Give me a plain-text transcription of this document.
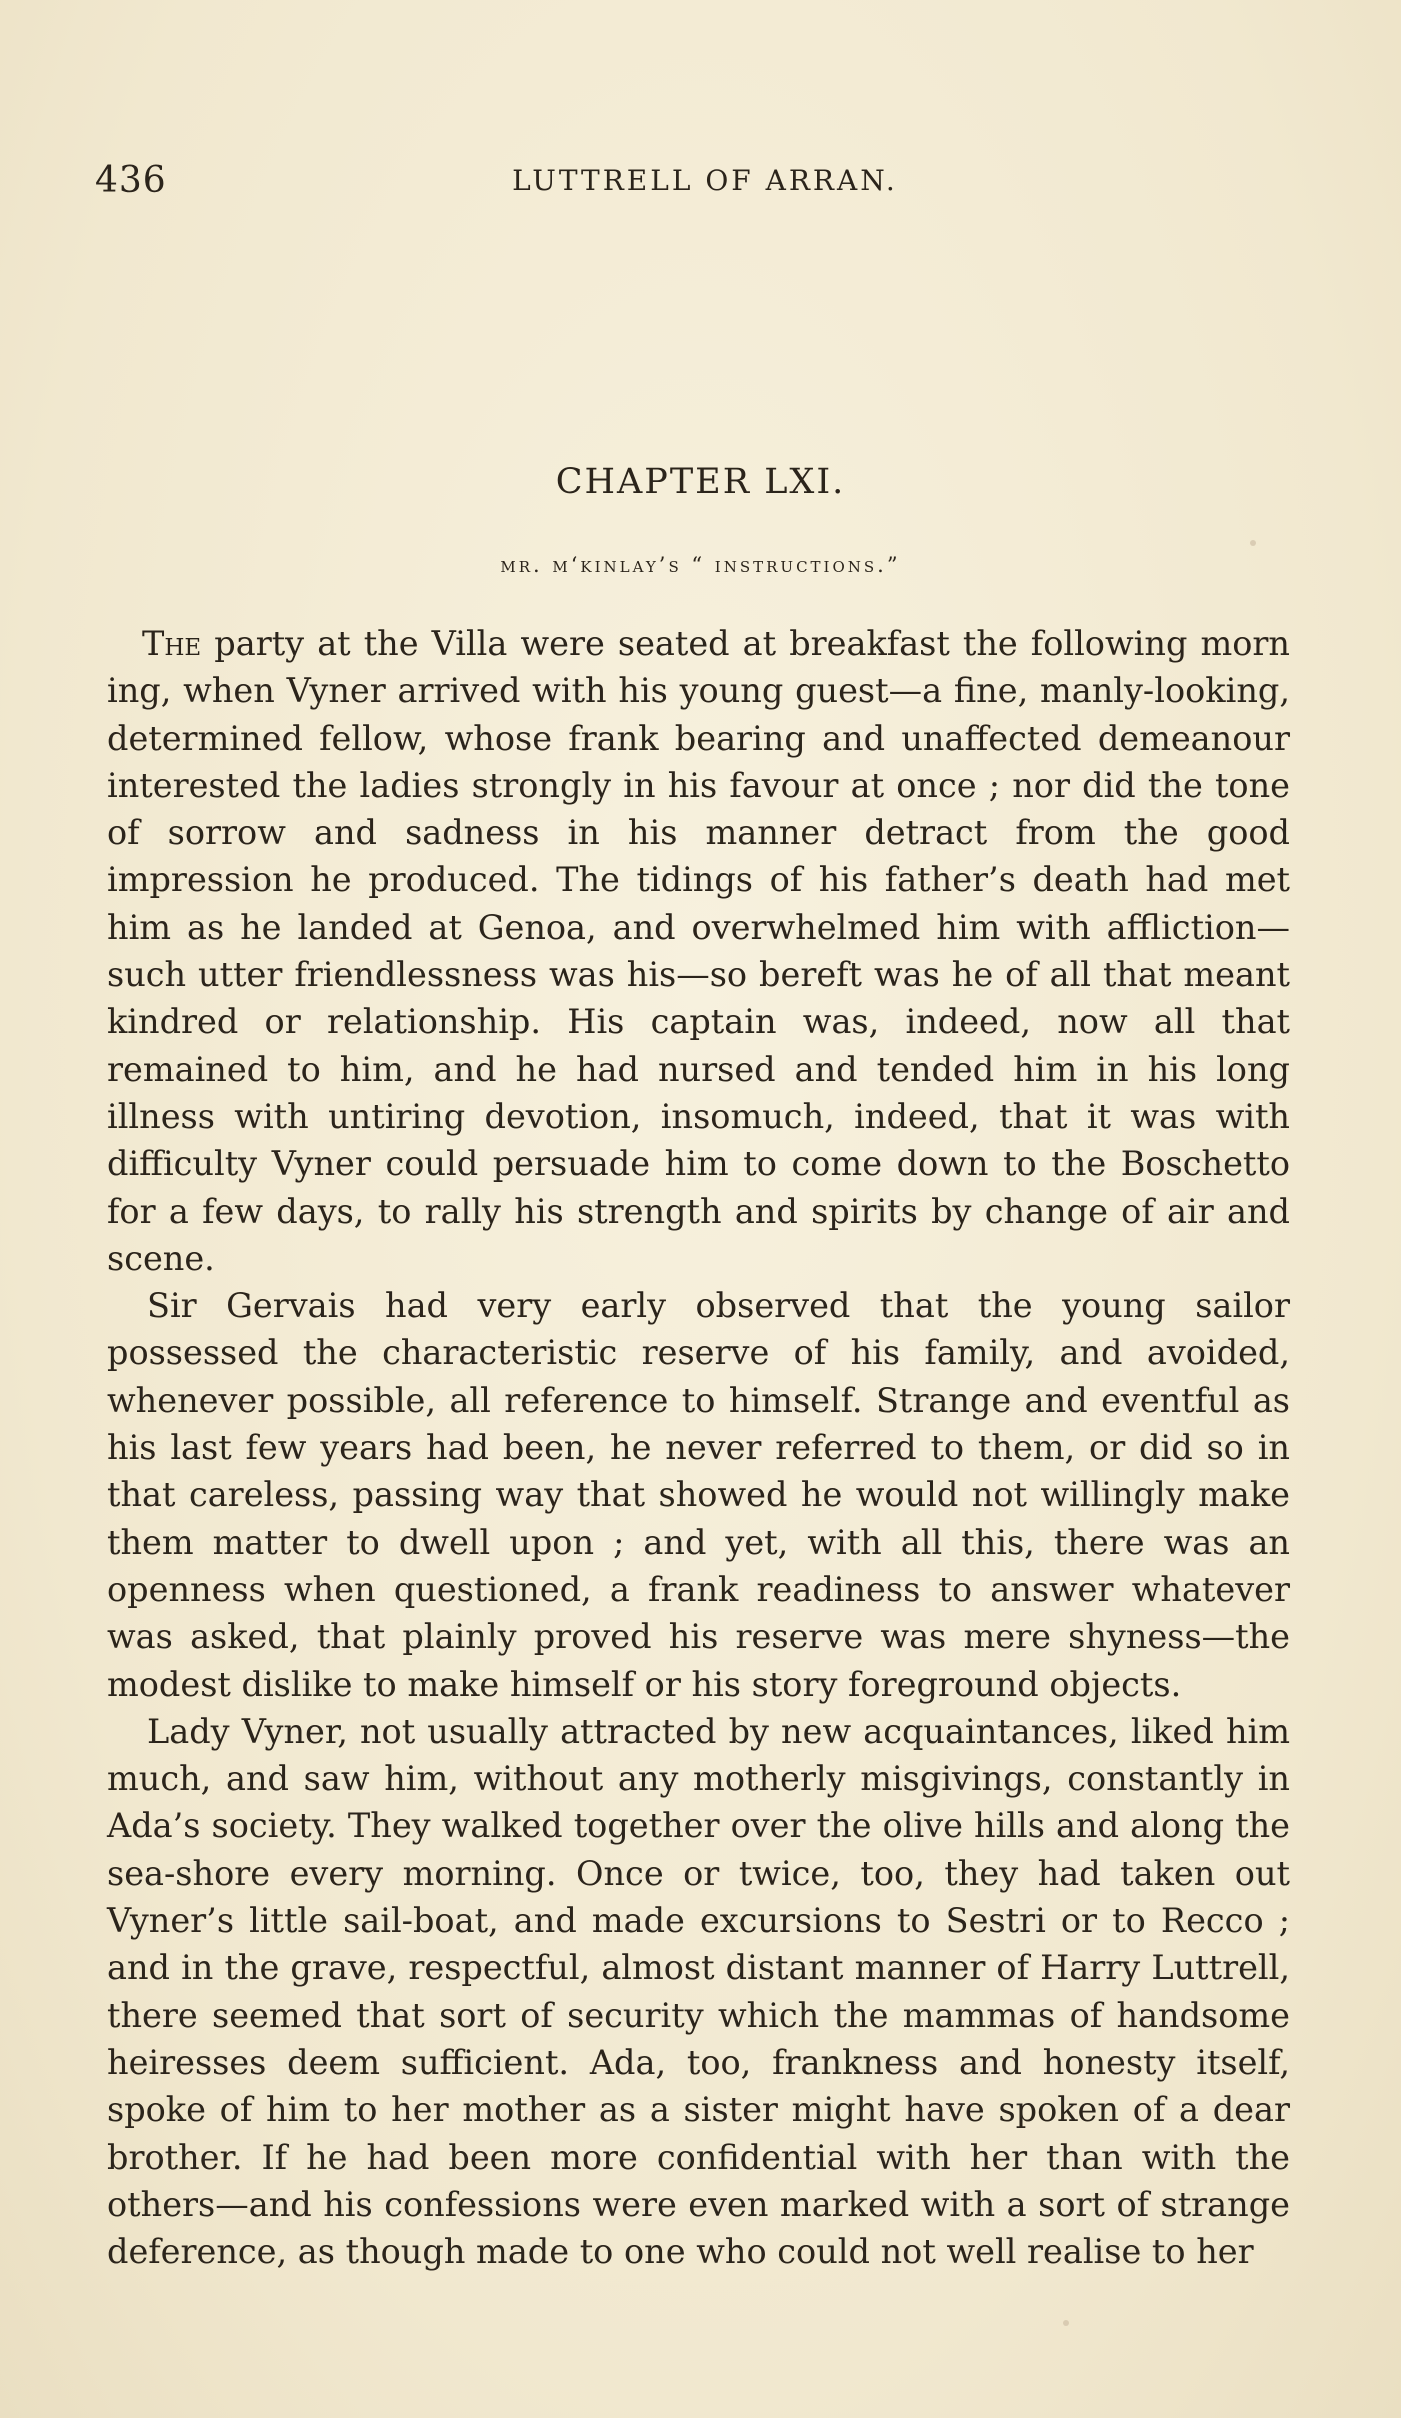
436	LUTTRELL OF ARRAN.
CHAPTER LXI.
mr. m‘kinlay’s “ instructions.”

The party at the Villa were seated at breakfast the following morn ing, when Vyner arrived with his young guest—a fine, manly-looking, determined fellow, whose frank bearing and unaffected demeanour interested the ladies strongly in his favour at once ; nor did the tone of sorrow and sadness in his manner detract from the good impression he produced. The tidings of his father’s death had met him as he landed at Genoa, and overwhelmed him with affliction—such utter friendlessness was his—so bereft was he of all that meant kindred or relationship. His captain was, indeed, now all that remained to him, and he had nursed and tended him in his long illness with untiring devotion, insomuch, indeed, that it was with difficulty Vyner could persuade him to come down to the Boschetto for a few days, to rally his strength and spirits by change of air and scene.

Sir Gervais had very early observed that the young sailor possessed the characteristic reserve of his family, and avoided, whenever possible, all reference to himself. Strange and eventful as his last few years had been, he never referred to them, or did so in that careless, passing way that showed he would not willingly make them matter to dwell upon ; and yet, with all this, there was an openness when questioned, a frank readiness to answer whatever was asked, that plainly proved his reserve was mere shyness—the modest dislike to make himself or his story foreground objects.

Lady Vyner, not usually attracted by new acquaintances, liked him much, and saw him, without any motherly misgivings, constantly in Ada’s society. They walked together over the olive hills and along the sea-shore every morning. Once or twice, too, they had taken out Vyner’s little sail-boat, and made excursions to Sestri or to Recco ; and in the grave, respectful, almost distant manner of Harry Luttrell, there seemed that sort of security which the mammas of handsome heiresses deem sufficient. Ada, too, frankness and honesty itself, spoke of him to her mother as a sister might have spoken of a dear brother. If he had been more confidential with her than with the others—and his confessions were even marked with a sort of strange deference, as though made to one who could not well realise to her
